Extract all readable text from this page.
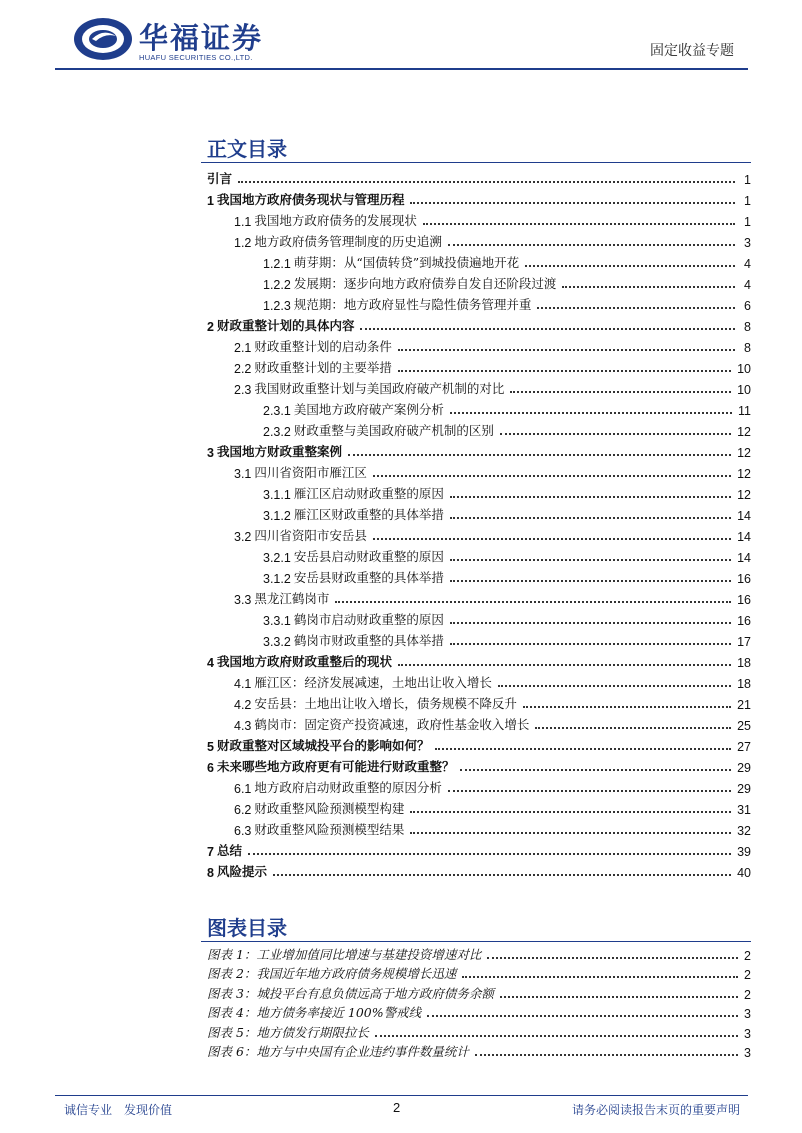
华福证券
HUAFU SECURITIES CO.,LTD.	固定收益专题
正文目录
引言	1
1 我国地方政府债务现状与管理历程	1
1.1 我国地方政府债务的发展现状	1
1.2 地方政府债务管理制度的历史追溯	3
1.2.1 萌芽期：从“国债转贷”到城投债遍地开花	4
1.2.2 发展期：逐步向地方政府债券自发自还阶段过渡	4
1.2.3 规范期：地方政府显性与隐性债务管理并重	6
2 财政重整计划的具体内容	8
2.1 财政重整计划的启动条件	8
2.2 财政重整计划的主要举措	10
2.3 我国财政重整计划与美国政府破产机制的对比	10
2.3.1 美国地方政府破产案例分析	11
2.3.2 财政重整与美国政府破产机制的区别	12
3 我国地方财政重整案例	12
3.1 四川省资阳市雁江区	12
3.1.1 雁江区启动财政重整的原因	12
3.1.2 雁江区财政重整的具体举措	14
3.2 四川省资阳市安岳县	14
3.2.1 安岳县启动财政重整的原因	14
3.1.2 安岳县财政重整的具体举措	16
3.3 黑龙江鹤岗市	16
3.3.1 鹤岗市启动财政重整的原因	16
3.3.2 鹤岗市财政重整的具体举措	17
4 我国地方政府财政重整后的现状	18
4.1 雁江区：经济发展减速，土地出让收入增长	18
4.2 安岳县：土地出让收入增长，债务规模不降反升	21
4.3 鹤岗市：固定资产投资减速，政府性基金收入增长	25
5 财政重整对区域城投平台的影响如何？	27
6 未来哪些地方政府更有可能进行财政重整？	29
6.1 地方政府启动财政重整的原因分析	29
6.2 财政重整风险预测模型构建	31
6.3 财政重整风险预测模型结果	32
7 总结	39
8 风险提示	40
图表目录
图表 1：工业增加值同比增速与基建投资增速对比	2
图表 2：我国近年地方政府债务规模增长迅速	2
图表 3：城投平台有息负债远高于地方政府债务余额	2
图表 4：地方债务率接近 100%警戒线	3
图表 5：地方债发行期限拉长	3
图表 6：地方与中央国有企业违约事件数量统计	3
诚信专业　发现价值	2	请务必阅读报告末页的重要声明
